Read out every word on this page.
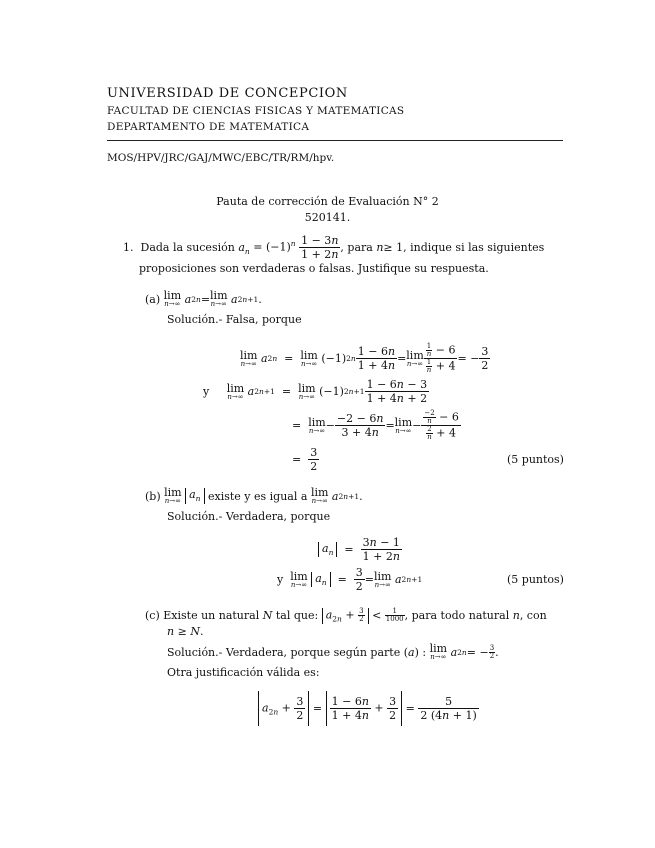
UNIVERSIDAD DE CONCEPCION
FACULTAD DE CIENCIAS FISICAS Y MATEMATICAS
DEPARTAMENTO DE MATEMATICA
MOS/HPV/JRC/GAJ/MWC/EBC/TR/RM/hpv.
Pauta de corrección de Evaluación N° 2
520141.
1.
Dada la sucesión
$a_n = (-1)^n \frac{1 - 3n}{1 + 2n}$ , para
n ≥ 1 , indique si las siguientes
proposiciones son verdaderas o falsas. Justifique su respuesta.
(a)
lim
n→∞
a 2n = lim
n→∞
a 2n+1 .
Solución.- Falsa, porque
lim
n→∞
a 2n = lim
n→∞ (−1) $2n \frac{1 - 6n}{1 + 4n} = \lim$
$n\to\infty \frac{\frac{1}{n} - 6}{\frac{1}{n} + 4}$ = − $\frac{3}{2}$
y
lim
n→∞
a 2n+1 = lim
n→∞ (−1) $2n+1 \frac{1 - 6n - 3}{1 + 4n + 2}$
= lim
$n\to\infty - \frac{-2 - 6n}{3 + 4n} = \lim$
$n\to\infty - \frac{\frac{-2}{n} - 6}{\frac{2}{n} + 4}$
= $\frac{3}{2}$	(5 puntos)
(b)
lim
n→∞
$a_n$
existe y es igual a
lim
n→∞
a 2n+1 .
Solución.- Verdadera, porque
$a_n = \frac{3n - 1}{1 + 2n}$
y
lim
n→∞
$a_n = \frac{3}{2} = \lim$
n→∞
a 2n+1	(5 puntos)
(c)
Existe un natural
N
tal que:
$a_{2n} + \frac{3}{2}$ <	1
1000 , para todo natural
n , con
n ≥ N.
Solución.- Verdadera, porque según parte ( a ) : lim
n→∞
a 2n = − 3
2 .
Otra justificación válida es:
$a_{2n} + \frac{3}{2} = \frac{1 - 6n}{1 + 4n} + \frac{3}{2} = \frac{5}{2 (4n + 1)}$
